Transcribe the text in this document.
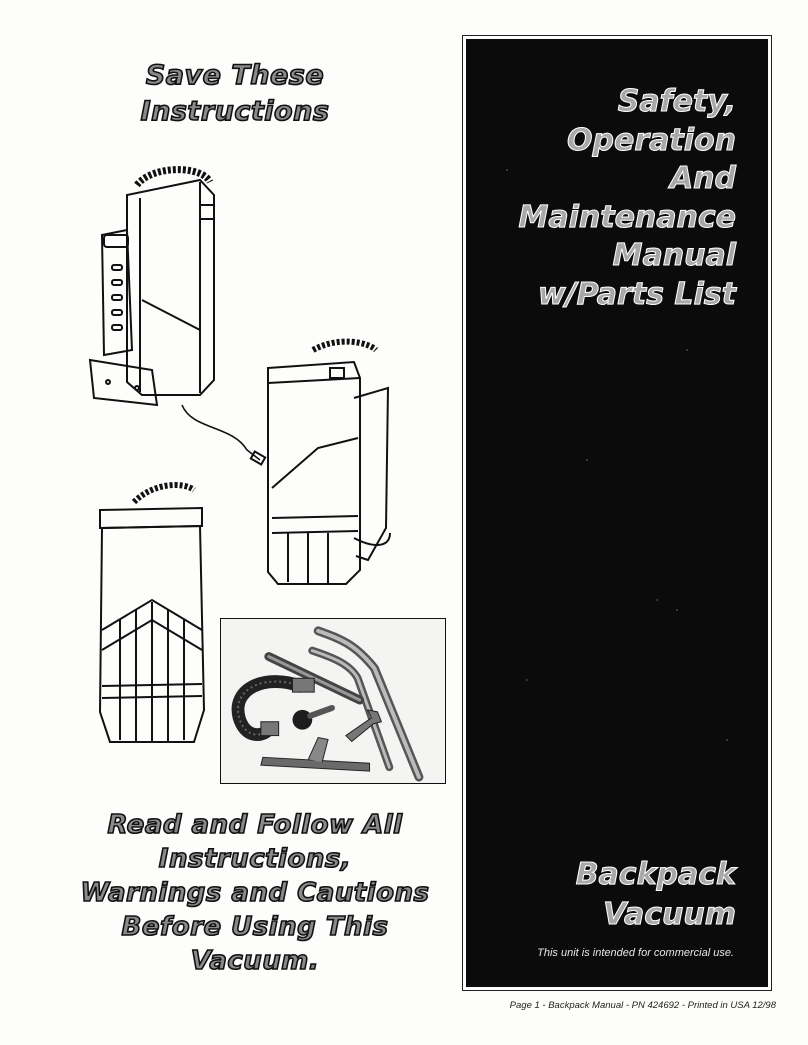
Save These
Instructions
Read and Follow All
Instructions,
Warnings and Cautions
Before Using This
Vacuum.
Safety,
Operation
And
Maintenance
Manual
w/Parts List
Backpack
Vacuum
This unit is intended for commercial use.
Page 1 - Backpack Manual - PN 424692 - Printed in USA 12/98
